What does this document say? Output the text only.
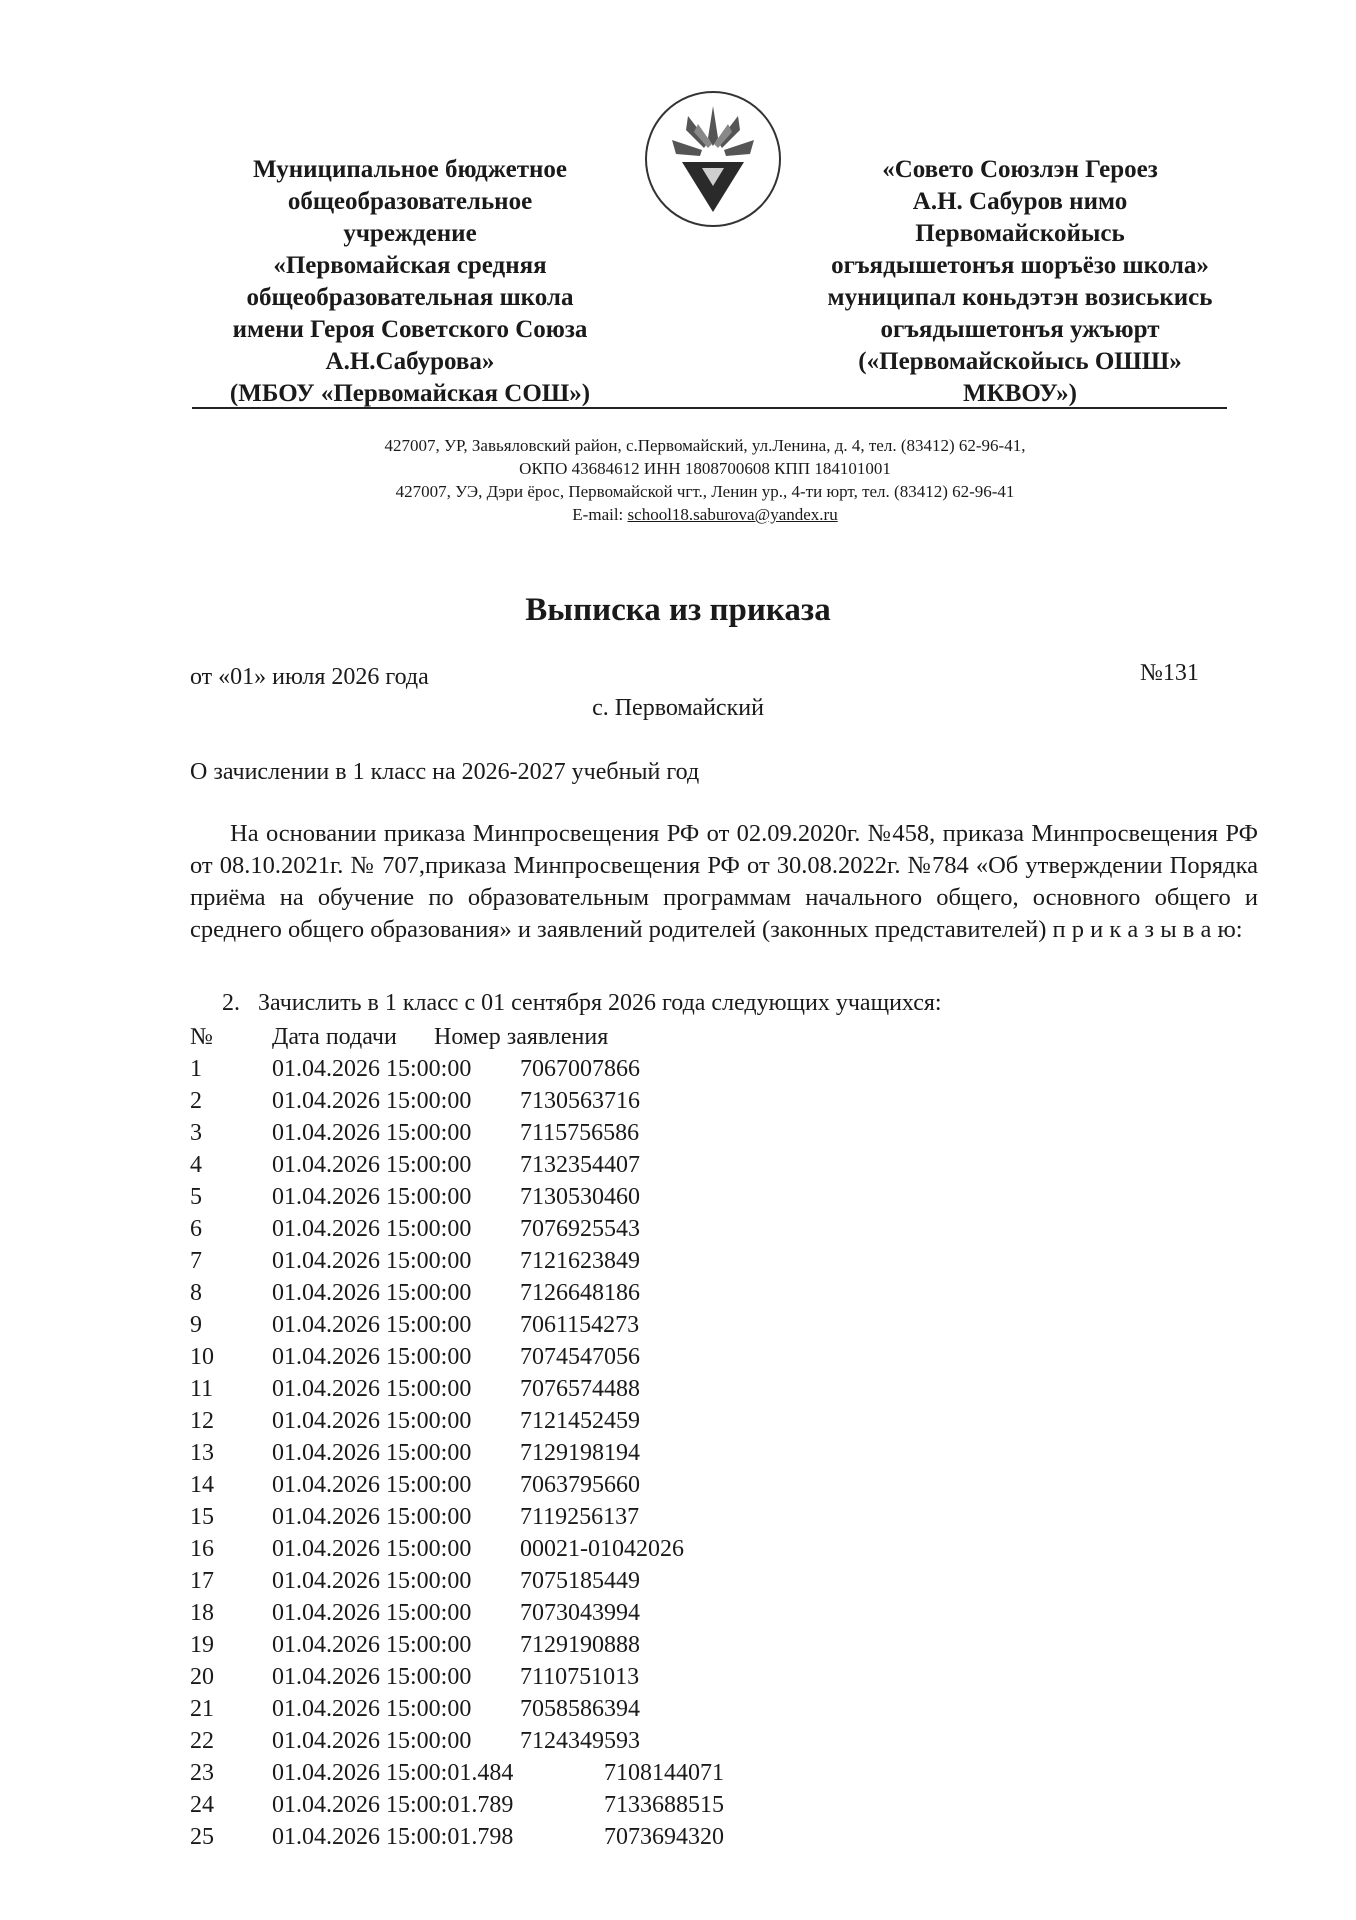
Муниципальное бюджетное
общеобразовательное
учреждение
«Первомайская средняя
общеобразовательная школа
имени Героя Советского Союза
А.Н.Сабурова»
(МБОУ «Первомайская СОШ»)
«Совето Союзлэн Героез
А.Н. Сабуров нимо
Первомайскойысь
огъядышетонъя шоръёзо школа»
муниципал коньдэтэн возиськись
огъядышетонъя ужъюрт
(«Первомайскойысь ОШШ»
МКВОУ»)
427007, УР, Завьяловский район, с.Первомайский, ул.Ленина, д. 4, тел. (83412) 62-96-41,
ОКПО 43684612 ИНН 1808700608 КПП 184101001
427007, УЭ, Дэри ёрос, Первомайской чгт., Ленин ур., 4-ти юрт, тел. (83412) 62-96-41
E-mail: school18.saburova@yandex.ru
Выписка из приказа
от «01» июля 2026 года	№131
с. Первомайский
О зачислении в 1 класс на 2026-2027 учебный год
На основании приказа Минпросвещения РФ от 02.09.2020г. №458, приказа Минпросвещения РФ от 08.10.2021г. № 707,приказа Минпросвещения РФ от 30.08.2022г. №784 «Об утверждении Порядка приёма на обучение по образовательным программам начального общего, основного общего и среднего общего образования» и заявлений родителей (законных представителей) п р и к а з ы в а ю:
2. Зачислить в 1 класс с 01 сентября 2026 года следующих учащихся:
№	Дата подачи Номер заявления
1	01.04.2026 15:00:00 7067007866
2	01.04.2026 15:00:00 7130563716
3	01.04.2026 15:00:00 7115756586
4	01.04.2026 15:00:00 7132354407
5	01.04.2026 15:00:00 7130530460
6	01.04.2026 15:00:00 7076925543
7	01.04.2026 15:00:00 7121623849
8	01.04.2026 15:00:00 7126648186
9	01.04.2026 15:00:00 7061154273
10	01.04.2026 15:00:00 7074547056
11	01.04.2026 15:00:00 7076574488
12	01.04.2026 15:00:00 7121452459
13	01.04.2026 15:00:00 7129198194
14	01.04.2026 15:00:00 7063795660
15	01.04.2026 15:00:00 7119256137
16	01.04.2026 15:00:00 00021-01042026
17	01.04.2026 15:00:00 7075185449
18	01.04.2026 15:00:00 7073043994
19	01.04.2026 15:00:00 7129190888
20	01.04.2026 15:00:00 7110751013
21	01.04.2026 15:00:00 7058586394
22	01.04.2026 15:00:00 7124349593
23	01.04.2026 15:00:01.484	7108144071
24	01.04.2026 15:00:01.789	7133688515
25	01.04.2026 15:00:01.798	7073694320
